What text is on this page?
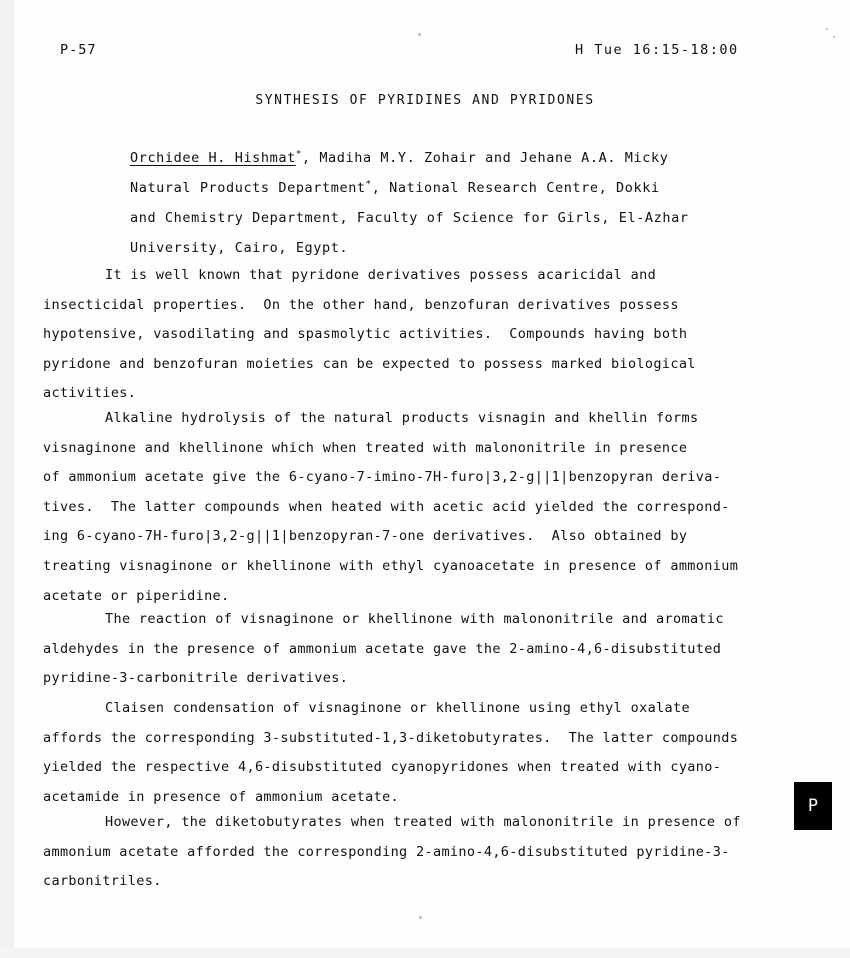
P-57	H Tue 16:15-18:00
SYNTHESIS OF PYRIDINES AND PYRIDONES
Orchidee H. Hishmat*, Madiha M.Y. Zohair and Jehane A.A. Micky
Natural Products Department*, National Research Centre, Dokki
and Chemistry Department, Faculty of Science for Girls, El-Azhar
University, Cairo, Egypt.
It is well known that pyridone derivatives possess acaricidal and
insecticidal properties.  On the other hand, benzofuran derivatives possess
hypotensive, vasodilating and spasmolytic activities.  Compounds having both
pyridone and benzofuran moieties can be expected to possess marked biological
activities.
Alkaline hydrolysis of the natural products visnagin and khellin forms
visnaginone and khellinone which when treated with malononitrile in presence
of ammonium acetate give the 6-cyano-7-imino-7H-furo|3,2-g||1|benzopyran deriva-
tives.  The latter compounds when heated with acetic acid yielded the correspond-
ing 6-cyano-7H-furo|3,2-g||1|benzopyran-7-one derivatives.  Also obtained by
treating visnaginone or khellinone with ethyl cyanoacetate in presence of ammonium
acetate or piperidine.
The reaction of visnaginone or khellinone with malononitrile and aromatic
aldehydes in the presence of ammonium acetate gave the 2-amino-4,6-disubstituted
pyridine-3-carbonitrile derivatives.
Claisen condensation of visnaginone or khellinone using ethyl oxalate
affords the corresponding 3-substituted-1,3-diketobutyrates.  The latter compounds
yielded the respective 4,6-disubstituted cyanopyridones when treated with cyano-
acetamide in presence of ammonium acetate.
However, the diketobutyrates when treated with malononitrile in presence of
ammonium acetate afforded the corresponding 2-amino-4,6-disubstituted pyridine-3-
carbonitriles.
P
